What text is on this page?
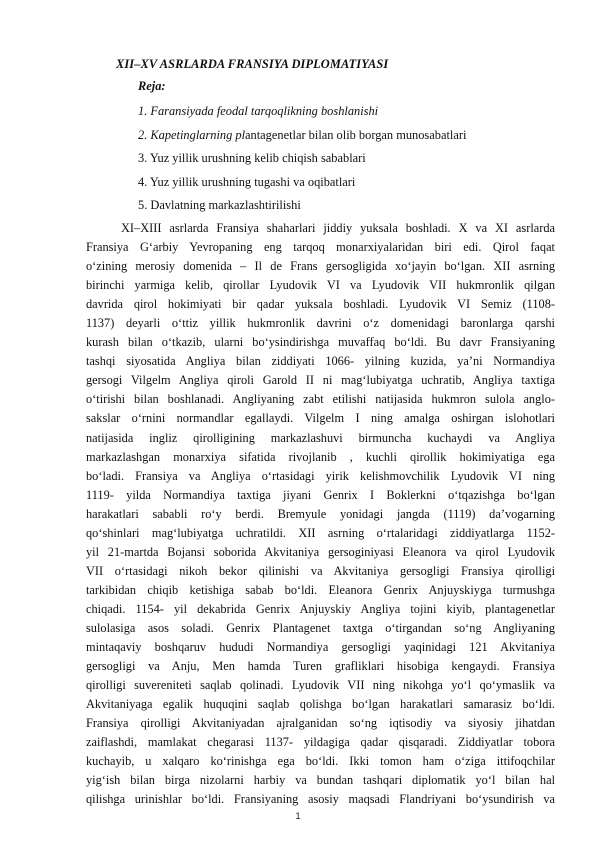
XII–XV ASRLARDA FRANSIYA DIPLOMATIYASI
Reja:
1. Faransiyada feodal tarqoqlikning boshlanishi
2. Kapetinglarning plantagenetlar bilan olib borgan munosabatlari
3. Yuz yillik urushning kelib chiqish sabablari
4. Yuz yillik urushning tugashi va oqibatlari
5. Davlatning markazlashtirilishi
XI–XIII asrlarda Fransiya shaharlari jiddiy yuksala boshladi. X va XI asrlarda
Fransiya G‘arbiy Yevropaning eng tarqoq monarxiyalaridan biri edi. Qirol faqat
o‘zining merosiy domenida – Il de Frans gersogligida xo‘jayin bo‘lgan. XII asrning
birinchi yarmiga kelib, qirollar Lyudovik VI va Lyudovik VII hukmronlik qilgan
davrida qirol hokimiyati bir qadar yuksala boshladi. Lyudovik VI Semiz (1108-
1137) deyarli o‘ttiz yillik hukmronlik davrini o‘z domenidagi baronlarga qarshi
kurash bilan o‘tkazib, ularni bo‘ysindirishga muvaffaq bo‘ldi. Bu davr Fransiyaning
tashqi siyosatida Angliya bilan ziddiyati 1066- yilning kuzida, ya’ni Normandiya
gersogi Vilgelm Angliya qiroli Garold II ni mag‘lubiyatga uchratib, Angliya taxtiga
o‘tirishi bilan boshlanadi. Angliyaning zabt etilishi natijasida hukmron sulola anglo-
sakslar o‘rnini normandlar egallaydi. Vilgelm I ning amalga oshirgan islohotlari
natijasida ingliz qirolligining markazlashuvi birmuncha kuchaydi va Angliya
markazlashgan monarxiya sifatida rivojlanib , kuchli qirollik hokimiyatiga ega
bo‘ladi. Fransiya va Angliya o‘rtasidagi yirik kelishmovchilik Lyudovik VI ning
1119- yilda Normandiya taxtiga jiyani Genrix I Boklerkni o‘tqazishga bo‘lgan
harakatlari sababli ro‘y berdi. Bremyule yonidagi jangda (1119) da’vogarning
qo‘shinlari mag‘lubiyatga uchratildi. XII asrning o‘rtalaridagi ziddiyatlarga 1152-
yil 21-martda Bojansi soborida Akvitaniya gersoginiyasi Eleanora va qirol Lyudovik
VII o‘rtasidagi nikoh bekor qilinishi va Akvitaniya gersogligi Fransiya qirolligi
tarkibidan chiqib ketishiga sabab bo‘ldi. Eleanora Genrix Anjuyskiyga turmushga
chiqadi. 1154- yil dekabrida Genrix Anjuyskiy Angliya tojini kiyib, plantagenetlar
sulolasiga asos soladi. Genrix Plantagenet taxtga o‘tirgandan so‘ng Angliyaning
mintaqaviy boshqaruv hududi Normandiya gersogligi yaqinidagi 121 Akvitaniya
gersogligi va Anju, Men hamda Turen grafliklari hisobiga kengaydi. Fransiya
qirolligi suvereniteti saqlab qolinadi. Lyudovik VII ning nikohga yo‘l qo‘ymaslik va
Akvitaniyaga egalik huquqini saqlab qolishga bo‘lgan harakatlari samarasiz bo‘ldi.
Fransiya qirolligi Akvitaniyadan ajralganidan so‘ng iqtisodiy va siyosiy jihatdan
zaiflashdi, mamlakat chegarasi 1137- yildagiga qadar qisqaradi. Ziddiyatlar tobora
kuchayib, u xalqaro ko‘rinishga ega bo‘ldi. Ikki tomon ham o‘ziga ittifoqchilar
yig‘ish bilan birga nizolarni harbiy va bundan tashqari diplomatik yo‘l bilan hal
qilishga urinishlar bo‘ldi. Fransiyaning asosiy maqsadi Flandriyani bo‘ysundirish va
1
